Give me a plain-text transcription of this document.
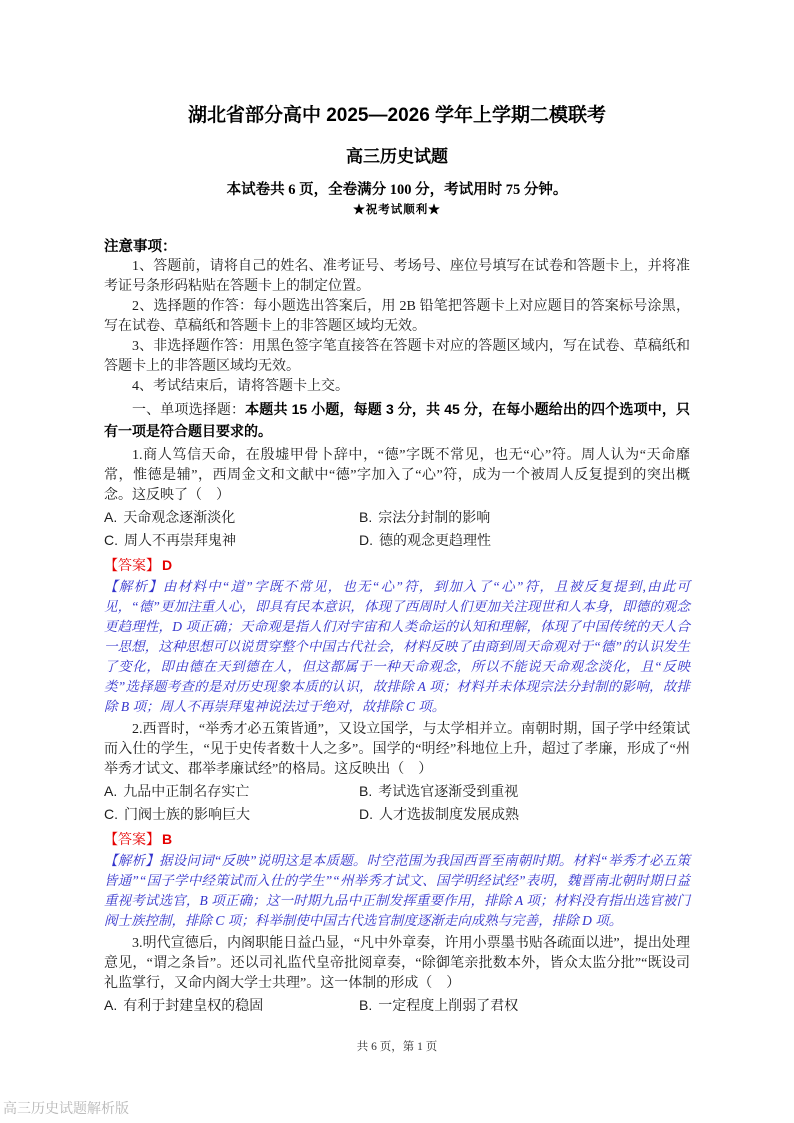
湖北省部分高中 2025—2026 学年上学期二模联考
高三历史试题
本试卷共 6 页，全卷满分 100 分，考试用时 75 分钟。
★祝考试顺利★
注意事项：

1、答题前，请将自己的姓名、准考证号、考场号、座位号填写在试卷和答题卡上，并将准考证号条形码粘贴在答题卡上的制定位置。

2、选择题的作答：每小题选出答案后，用 2B 铅笔把答题卡上对应题目的答案标号涂黑，写在试卷、草稿纸和答题卡上的非答题区域均无效。

3、非选择题作答：用黑色签字笔直接答在答题卡对应的答题区域内，写在试卷、草稿纸和答题卡上的非答题区域均无效。

4、考试结束后，请将答题卡上交。

一、单项选择题：本题共 15 小题，每题 3 分，共 45 分，在每小题给出的四个选项中，只有一项是符合题目要求的。

1.商人笃信天命，在殷墟甲骨卜辞中，“德”字既不常见，也无“心”符。周人认为“天命靡常，惟德是辅”，西周金文和文献中“德”字加入了“心”符，成为一个被周人反复提到的突出概念。这反映了（　）

A. 天命观念逐渐淡化	B. 宗法分封制的影响

C. 周人不再崇拜鬼神	D. 德的观念更趋理性

【答案】 D

【解析】由材料中“道”字既不常见，也无“心”符，到加入了“心”符，且被反复提到,由此可见，“德”更加注重人心，即具有民本意识，体现了西周时人们更加关注现世和人本身，即德的观念更趋理性，D 项正确；天命观是指人们对宇宙和人类命运的认知和理解，体现了中国传统的天人合一思想，这种思想可以说贯穿整个中国古代社会，材料反映了由商到周天命观对于“德”的认识发生了变化，即由德在天到德在人，但这都属于一种天命观念，所以不能说天命观念淡化，且“反映类”选择题考查的是对历史现象本质的认识，故排除 A 项；材料并未体现宗法分封制的影响，故排除 B 项；周人不再崇拜鬼神说法过于绝对，故排除 C 项。

2.西晋时，“举秀才必五策皆通”，又设立国学，与太学相并立。南朝时期，国子学中经策试而入仕的学生，“见于史传者数十人之多”。国学的“明经”科地位上升，超过了孝廉，形成了“州举秀才试文、郡举孝廉试经”的格局。这反映出（　）

A. 九品中正制名存实亡	B. 考试选官逐渐受到重视

C. 门阀士族的影响巨大	D. 人才选拔制度发展成熟

【答案】 B

【解析】据设问词“反映”说明这是本质题。时空范围为我国西晋至南朝时期。材料“举秀才必五策皆通”“国子学中经策试而入仕的学生”“州举秀才试文、国学明经试经”表明，魏晋南北朝时期日益重视考试选官，B 项正确；这一时期九品中正制发挥重要作用，排除 A 项；材料没有指出选官被门阀士族控制，排除 C 项；科举制使中国古代选官制度逐渐走向成熟与完善，排除 D 项。

3.明代宣德后，内阁职能日益凸显，“凡中外章奏，许用小票墨书贴各疏面以进”，提出处理意见，“谓之条旨”。还以司礼监代皇帝批阅章奏，“除御笔亲批数本外，皆众太监分批”“既设司礼监掌行，又命内阁大学士共理”。这一体制的形成（　）

A. 有利于封建皇权的稳固	B. 一定程度上削弱了君权

共 6 页，第 1 页
高三历史试题解析版
